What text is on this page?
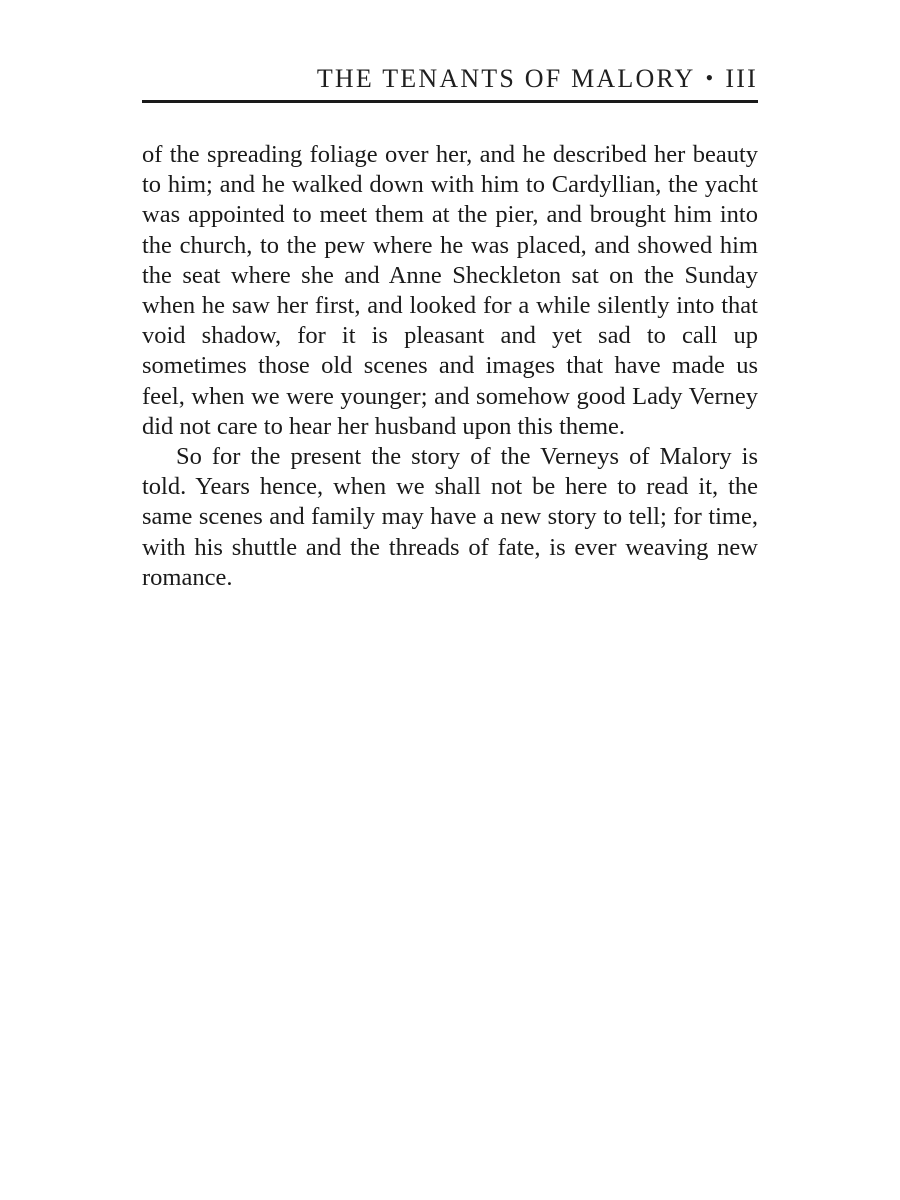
THE TENANTS OF MALORY • III

of the spreading foliage over her, and he described her beauty to him; and he walked down with him to Cardyllian, the yacht was appointed to meet them at the pier, and brought him into the church, to the pew where he was placed, and showed him the seat where she and Anne Sheckleton sat on the Sunday when he saw her first, and looked for a while silently into that void shadow, for it is pleasant and yet sad to call up sometimes those old scenes and images that have made us feel, when we were younger; and somehow good Lady Verney did not care to hear her husband upon this theme.

So for the present the story of the Verneys of Malory is told. Years hence, when we shall not be here to read it, the same scenes and family may have a new story to tell; for time, with his shuttle and the threads of fate, is ever weaving new romance.
